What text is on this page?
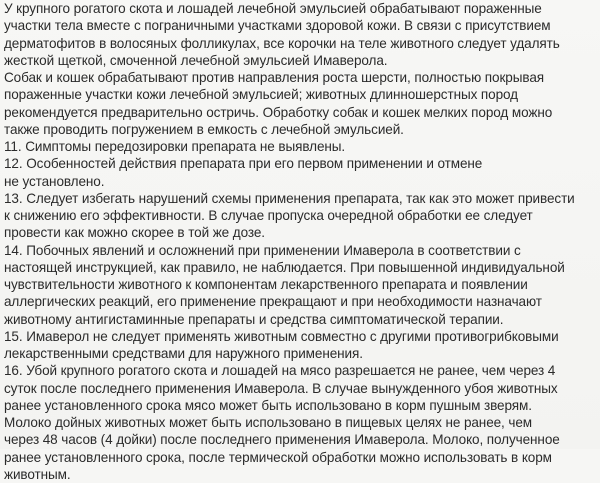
У крупного рогатого скота и лошадей лечебной эмульсией обрабатывают пораженные
участки тела вместе с пограничными участками здоровой кожи. В связи с присутствием
дерматофитов в волосяных фолликулах, все корочки на теле животного следует удалять
жесткой щеткой, смоченной лечебной эмульсией Имаверола.
Собак и кошек обрабатывают против направления роста шерсти, полностью покрывая
пораженные участки кожи лечебной эмульсией; животных длинношерстных пород
рекомендуется предварительно остричь. Обработку собак и кошек мелких пород можно
также проводить погружением в емкость с лечебной эмульсией.
11. Симптомы передозировки препарата не выявлены.
12. Особенностей действия препарата при его первом применении и отмене
не установлено.
13. Следует избегать нарушений схемы применения препарата, так как это может привести
к снижению его эффективности. В случае пропуска очередной обработки ее следует
провести как можно скорее в той же дозе.
14. Побочных явлений и осложнений при применении Имаверола в соответствии с
настоящей инструкцией, как правило, не наблюдается. При повышенной индивидуальной
чувствительности животного к компонентам лекарственного препарата и появлении
аллергических реакций, его применение прекращают и при необходимости назначают
животному антигистаминные препараты и средства симптоматической терапии.
15. Имаверол не следует применять животным совместно с другими противогрибковыми
лекарственными средствами для наружного применения.
16. Убой крупного рогатого скота и лошадей на мясо разрешается не ранее, чем через 4
суток после последнего применения Имаверола. В случае вынужденного убоя животных
ранее установленного срока мясо может быть использовано в корм пушным зверям.
Молоко дойных животных может быть использовано в пищевых целях не ранее, чем
через 48 часов (4 дойки) после последнего применения Имаверола. Молоко, полученное
ранее установленного срока, после термической обработки можно использовать в корм
животным.
